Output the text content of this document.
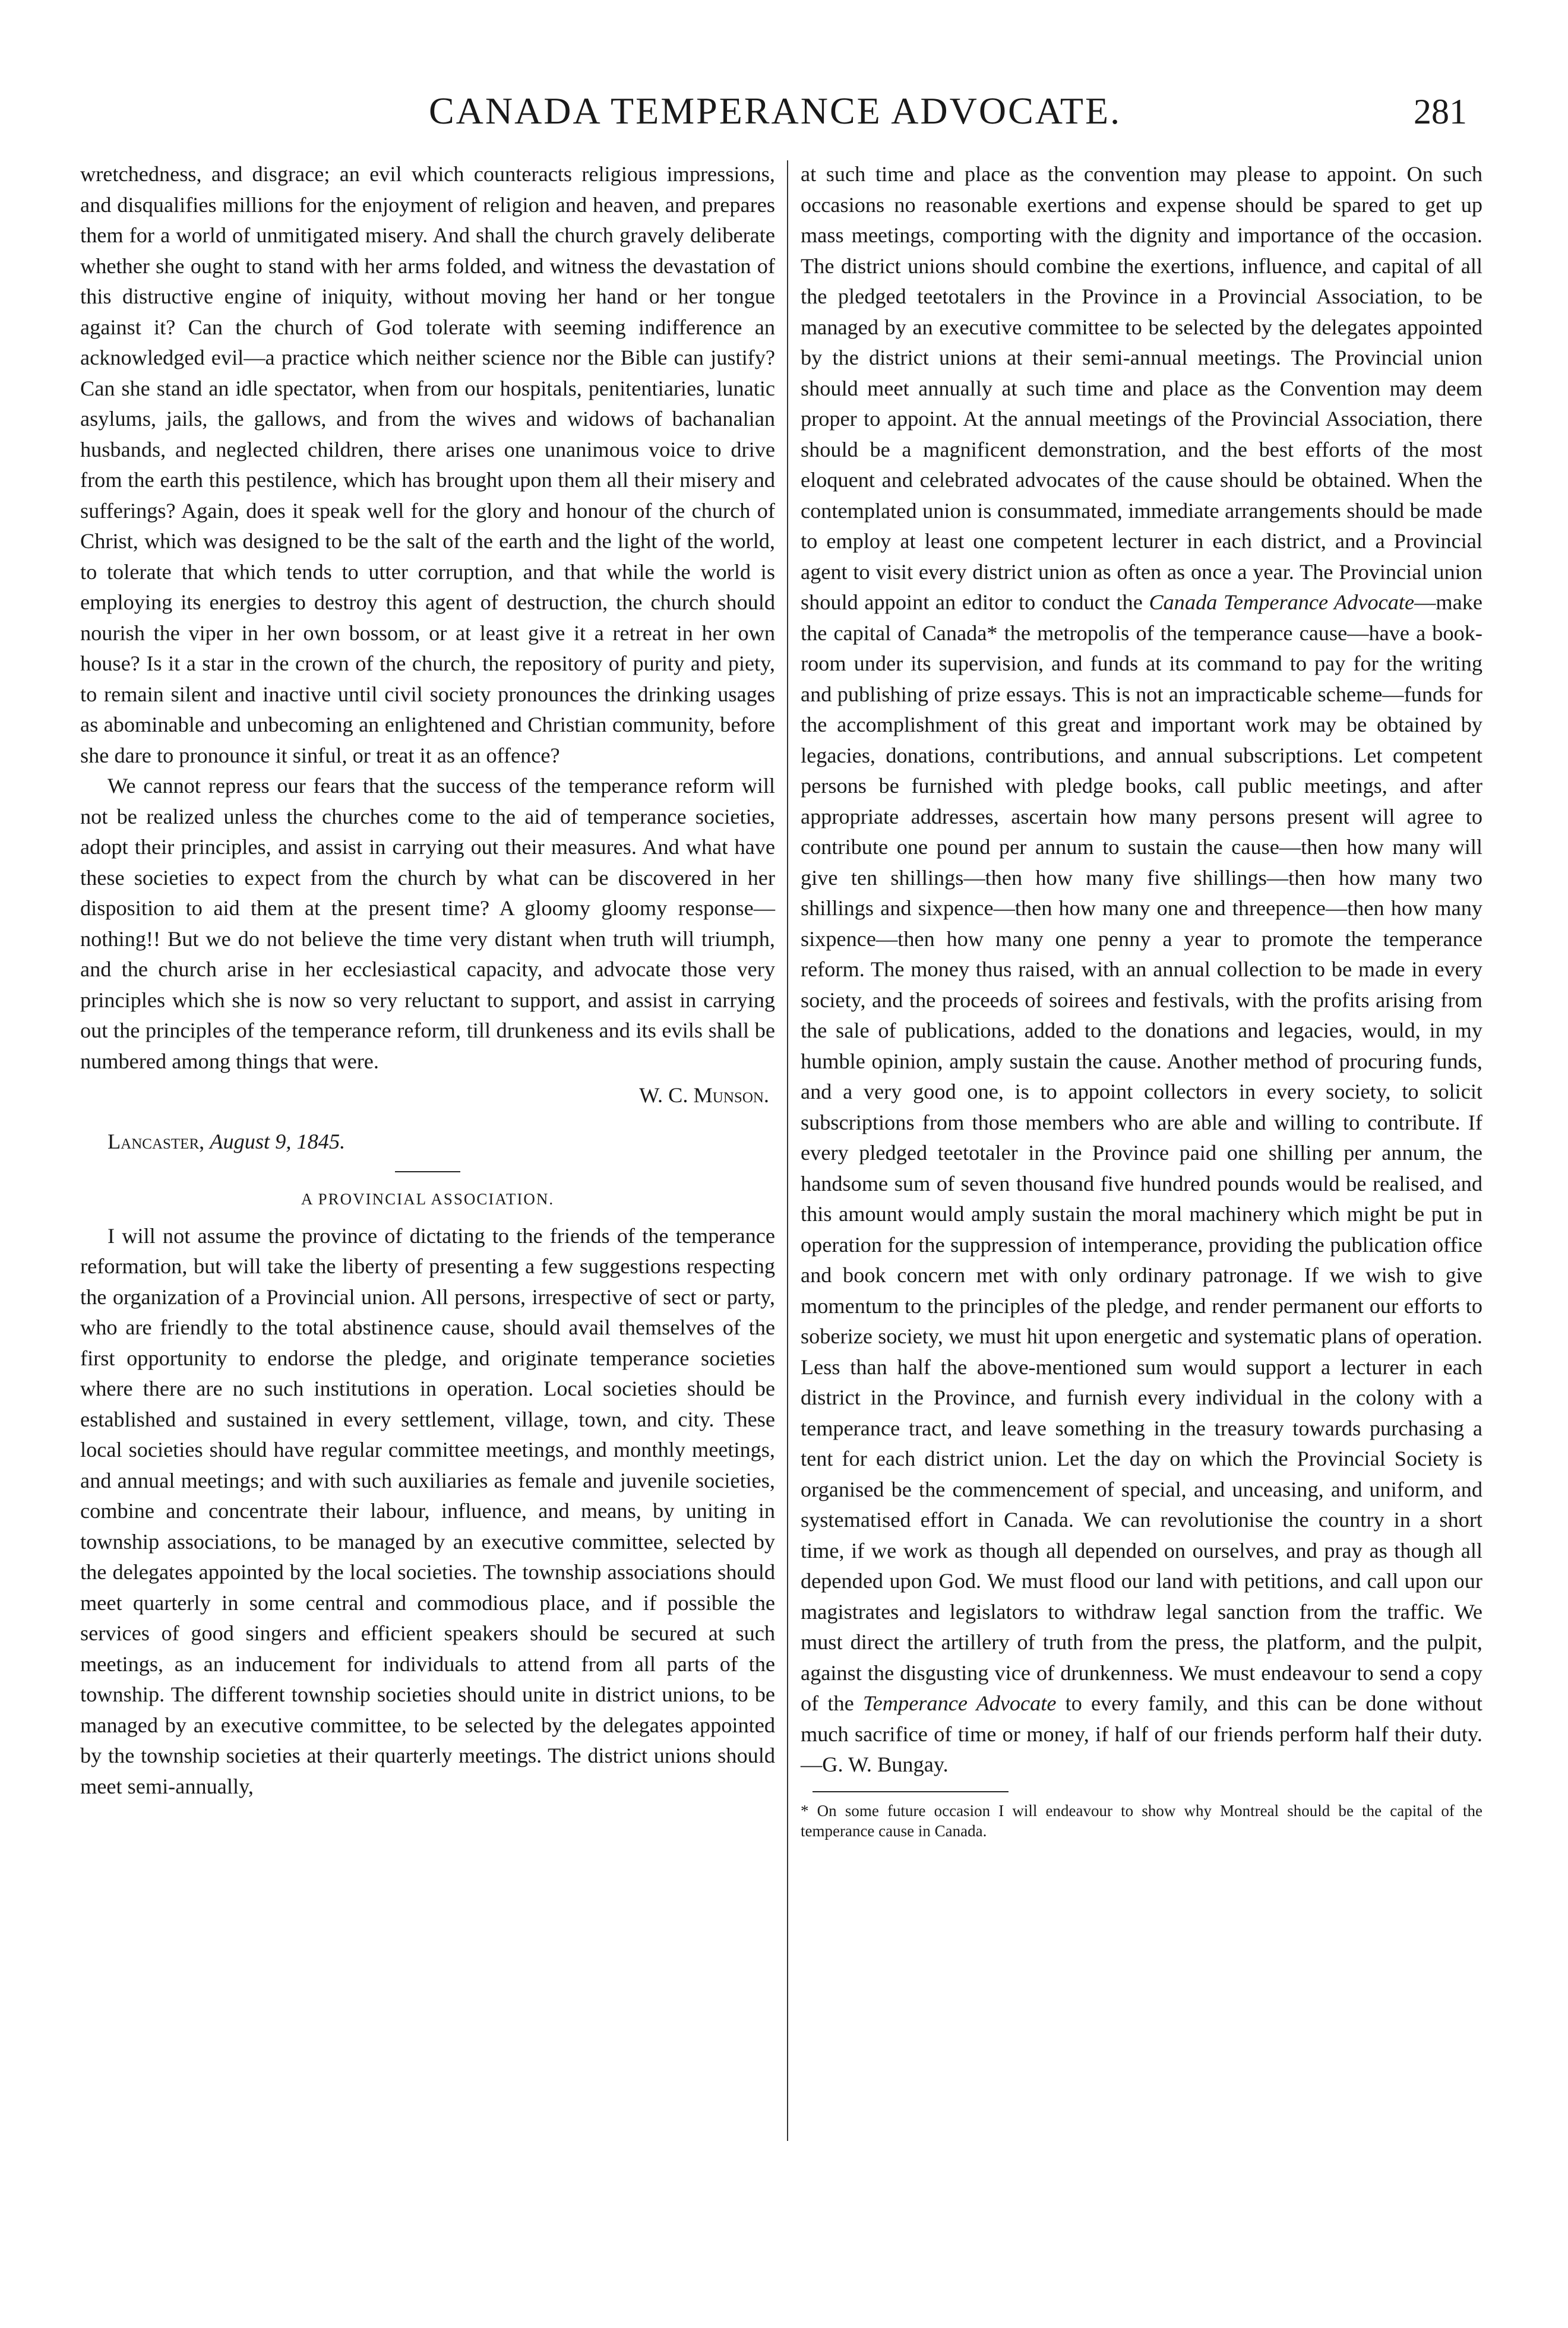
CANADA TEMPERANCE ADVOCATE.	281

wretchedness, and disgrace; an evil which counteracts religious impressions, and disqualifies millions for the enjoyment of religion and heaven, and prepares them for a world of unmitigated misery. And shall the church gravely deliberate whether she ought to stand with her arms folded, and witness the devastation of this distructive engine of iniquity, without moving her hand or her tongue against it? Can the church of God tolerate with seeming indifference an acknowledged evil—a practice which neither science nor the Bible can justify? Can she stand an idle spectator, when from our hospitals, penitentiaries, lunatic asylums, jails, the gallows, and from the wives and widows of bachanalian husbands, and neglected children, there arises one unanimous voice to drive from the earth this pestilence, which has brought upon them all their misery and sufferings? Again, does it speak well for the glory and honour of the church of Christ, which was designed to be the salt of the earth and the light of the world, to tolerate that which tends to utter corruption, and that while the world is employing its energies to destroy this agent of destruction, the church should nourish the viper in her own bossom, or at least give it a retreat in her own house? Is it a star in the crown of the church, the repository of purity and piety, to remain silent and inactive until civil society pronounces the drinking usages as abominable and unbecoming an enlightened and Christian community, before she dare to pronounce it sinful, or treat it as an offence?

We cannot repress our fears that the success of the temperance reform will not be realized unless the churches come to the aid of temperance societies, adopt their principles, and assist in carrying out their measures. And what have these societies to expect from the church by what can be discovered in her disposition to aid them at the present time? A gloomy gloomy response—nothing!! But we do not believe the time very distant when truth will triumph, and the church arise in her ecclesiastical capacity, and advocate those very principles which she is now so very reluctant to support, and assist in carrying out the principles of the temperance reform, till drunkeness and its evils shall be numbered among things that were.

W. C. Munson.

Lancaster, August 9, 1845.

A PROVINCIAL ASSOCIATION.

I will not assume the province of dictating to the friends of the temperance reformation, but will take the liberty of presenting a few suggestions respecting the organization of a Provincial union. All persons, irrespective of sect or party, who are friendly to the total abstinence cause, should avail themselves of the first opportunity to endorse the pledge, and originate temperance societies where there are no such institutions in operation. Local societies should be established and sustained in every settlement, village, town, and city. These local societies should have regular committee meetings, and monthly meetings, and annual meetings; and with such auxiliaries as female and juvenile societies, combine and concentrate their labour, influence, and means, by uniting in township associations, to be managed by an executive committee, selected by the delegates appointed by the local societies. The township associations should meet quarterly in some central and commodious place, and if possible the services of good singers and efficient speakers should be secured at such meetings, as an inducement for individuals to attend from all parts of the township. The different township societies should unite in district unions, to be managed by an executive committee, to be selected by the delegates appointed by the township societies at their quarterly meetings. The district unions should meet semi-annually,

at such time and place as the convention may please to appoint. On such occasions no reasonable exertions and expense should be spared to get up mass meetings, comporting with the dignity and importance of the occasion. The district unions should combine the exertions, influence, and capital of all the pledged teetotalers in the Province in a Provincial Association, to be managed by an executive committee to be selected by the delegates appointed by the district unions at their semi-annual meetings. The Provincial union should meet annually at such time and place as the Convention may deem proper to appoint. At the annual meetings of the Provincial Association, there should be a magnificent demonstration, and the best efforts of the most eloquent and celebrated advocates of the cause should be obtained. When the contemplated union is consummated, immediate arrangements should be made to employ at least one competent lecturer in each district, and a Provincial agent to visit every district union as often as once a year. The Provincial union should appoint an editor to conduct the Canada Temperance Advocate—make the capital of Canada* the metropolis of the temperance cause—have a book-room under its supervision, and funds at its command to pay for the writing and publishing of prize essays. This is not an impracticable scheme—funds for the accomplishment of this great and important work may be obtained by legacies, donations, contributions, and annual subscriptions. Let competent persons be furnished with pledge books, call public meetings, and after appropriate addresses, ascertain how many persons present will agree to contribute one pound per annum to sustain the cause—then how many will give ten shillings—then how many five shillings—then how many two shillings and sixpence—then how many one and threepence—then how many sixpence—then how many one penny a year to promote the temperance reform. The money thus raised, with an annual collection to be made in every society, and the proceeds of soirees and festivals, with the profits arising from the sale of publications, added to the donations and legacies, would, in my humble opinion, amply sustain the cause. Another method of procuring funds, and a very good one, is to appoint collectors in every society, to solicit subscriptions from those members who are able and willing to contribute. If every pledged teetotaler in the Province paid one shilling per annum, the handsome sum of seven thousand five hundred pounds would be realised, and this amount would amply sustain the moral machinery which might be put in operation for the suppression of intemperance, providing the publication office and book concern met with only ordinary patronage. If we wish to give momentum to the principles of the pledge, and render permanent our efforts to soberize society, we must hit upon energetic and systematic plans of operation. Less than half the above-mentioned sum would support a lecturer in each district in the Province, and furnish every individual in the colony with a temperance tract, and leave something in the treasury towards purchasing a tent for each district union. Let the day on which the Provincial Society is organised be the commencement of special, and unceasing, and uniform, and systematised effort in Canada. We can revolutionise the country in a short time, if we work as though all depended on ourselves, and pray as though all depended upon God. We must flood our land with petitions, and call upon our magistrates and legislators to withdraw legal sanction from the traffic. We must direct the artillery of truth from the press, the platform, and the pulpit, against the disgusting vice of drunkenness. We must endeavour to send a copy of the Temperance Advocate to every family, and this can be done without much sacrifice of time or money, if half of our friends perform half their duty.—G. W. Bungay.

* On some future occasion I will endeavour to show why Montreal should be the capital of the temperance cause in Canada.
